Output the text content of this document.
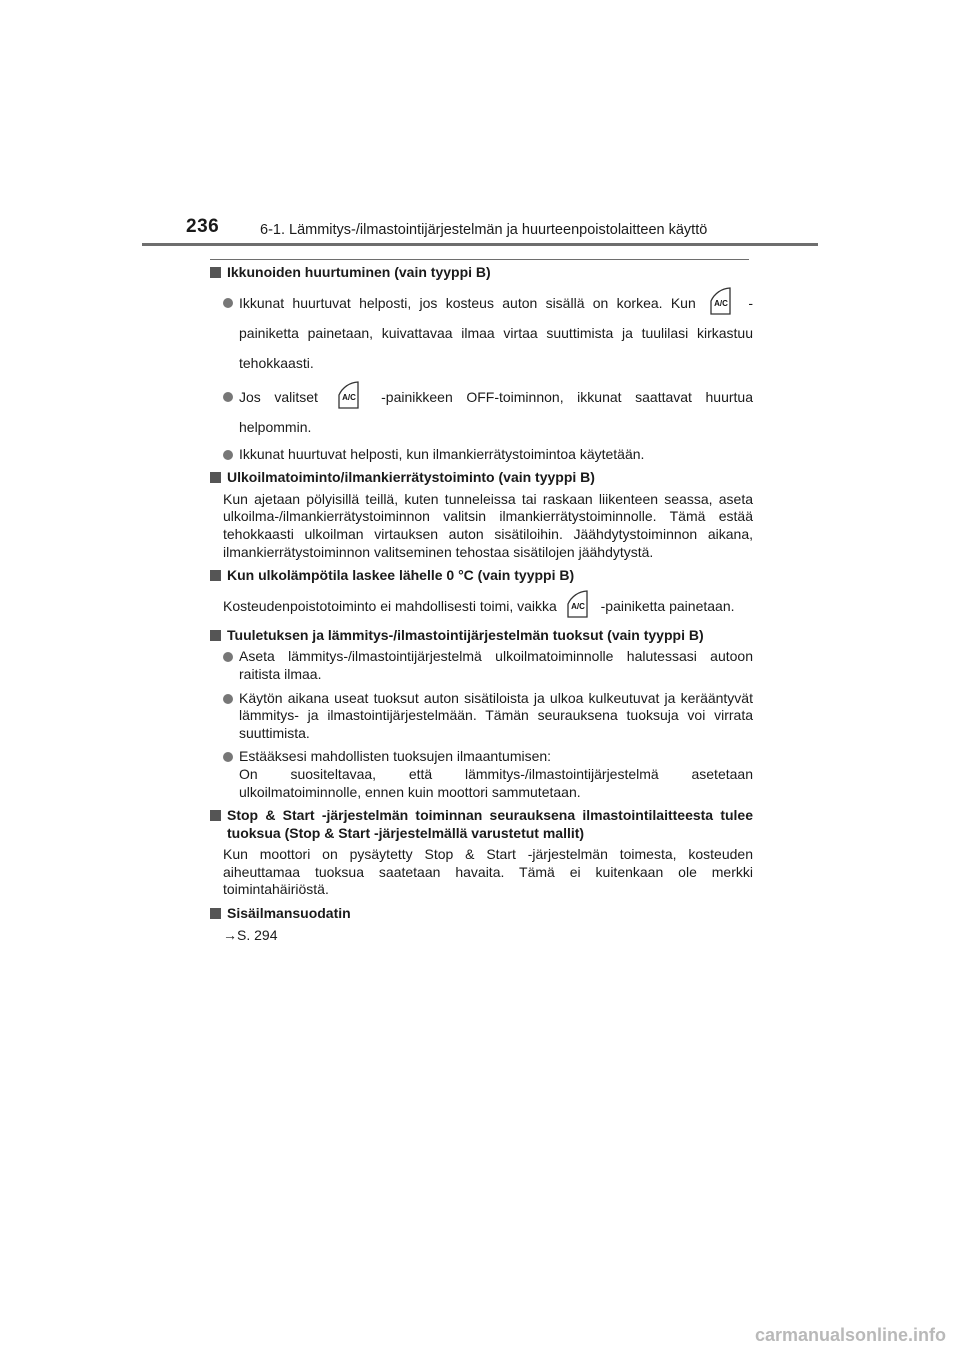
236	6-1. Lämmitys-/ilmastointijärjestelmän ja huurteenpoistolaitteen käyttö
Ikkunoiden huurtuminen (vain tyyppi B)
Ikkunat huurtuvat helposti, jos kosteus auton sisällä on korkea. Kun A/C -painiketta painetaan, kuivattavaa ilmaa virtaa suuttimista ja tuulilasi kirkastuu tehokkaasti.
Jos valitset	A/C -painikkeen OFF-toiminnon, ikkunat saattavat huurtua helpommin.
Ikkunat huurtuvat helposti, kun ilmankierrätystoimintoa käytetään.
Ulkoilmatoiminto/ilmankierrätystoiminto (vain tyyppi B)
Kun ajetaan pölyisillä teillä, kuten tunneleissa tai raskaan liikenteen seassa, aseta ulkoilma-/ilmankierrätystoiminnon valitsin ilmankierrätystoiminnolle. Tämä estää tehokkaasti ulkoilman virtauksen auton sisätiloihin. Jäähdytystoiminnon aikana, ilmankierrätystoiminnon valitseminen tehostaa sisätilojen jäähdytystä.
Kun ulkolämpötila laskee lähelle 0 °C (vain tyyppi B)
Kosteudenpoistotoiminto ei mahdollisesti toimi, vaikka A/C -painiketta painetaan.
Tuuletuksen ja lämmitys-/ilmastointijärjestelmän tuoksut (vain tyyppi B)
Aseta lämmitys-/ilmastointijärjestelmä ulkoilmatoiminnolle halutessasi autoon raitista ilmaa.
Käytön aikana useat tuoksut auton sisätiloista ja ulkoa kulkeutuvat ja kerääntyvät lämmitys- ja ilmastointijärjestelmään. Tämän seurauksena tuoksuja voi virrata suuttimista.
Estääksesi mahdollisten tuoksujen ilmaantumisen:
On suositeltavaa, että lämmitys-/ilmastointijärjestelmä asetetaan ulkoilmatoiminnolle, ennen kuin moottori sammutetaan.
Stop & Start -järjestelmän toiminnan seurauksena ilmastointilaitteesta tulee tuoksua (Stop & Start -järjestelmällä varustetut mallit)
Kun moottori on pysäytetty Stop & Start -järjestelmän toimesta, kosteuden aiheuttamaa tuoksua saatetaan havaita. Tämä ei kuitenkaan ole merkki toimintahäiriöstä.
Sisäilmansuodatin
→S. 294
carmanualsonline.info
